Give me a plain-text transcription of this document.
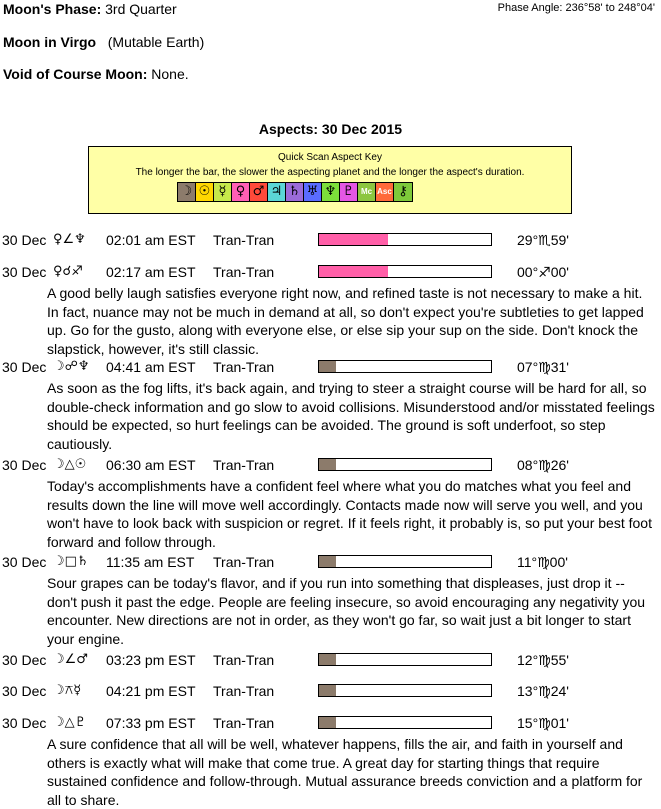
Moon's Phase: 3rd Quarter	Phase Angle: 236°58' to 248°04'
Moon in Virgo (Mutable Earth)
Void of Course Moon: None.
Aspects: 30 Dec 2015
Quick Scan Aspect Key
The longer the bar, the slower the aspecting planet and the longer the aspect's duration.
☽ ☉ ☿ ♀ ♂ ♃ ♄ ♅ ♆ ♇ Mc Asc ⚷
30 Dec ♀∠♆ 02:01 am EST Tran-Tran	29°♏59'
30 Dec ♀☌♐ 02:17 am EST Tran-Tran	00°♐00'

A good belly laugh satisfies everyone right now, and refined taste is not necessary to make a hit. In fact, nuance may not be much in demand at all, so don't expect you're subtleties to get lapped up. Go for the gusto, along with everyone else, or else sip your sup on the side. Don't knock the slapstick, however, it's still classic.

30 Dec ☽☍♆ 04:41 am EST Tran-Tran	07°♍31'

As soon as the fog lifts, it's back again, and trying to steer a straight course will be hard for all, so double-check information and go slow to avoid collisions. Misunderstood and/or misstated feelings should be expected, so hurt feelings can be avoided. The ground is soft underfoot, so step cautiously.

30 Dec ☽△☉ 06:30 am EST Tran-Tran	08°♍26'

Today's accomplishments have a confident feel where what you do matches what you feel and results down the line will move well accordingly. Contacts made now will serve you well, and you won't have to look back with suspicion or regret. If it feels right, it probably is, so put your best foot forward and follow through.

30 Dec ☽□♄ 11:35 am EST Tran-Tran	11°♍00'

Sour grapes can be today's flavor, and if you run into something that displeases, just drop it -- don't push it past the edge. People are feeling insecure, so avoid encouraging any negativity you encounter. New directions are not in order, as they won't go far, so wait just a bit longer to start your engine.

30 Dec ☽∠♂ 03:23 pm EST Tran-Tran	12°♍55'
30 Dec ☽⚻☿ 04:21 pm EST Tran-Tran	13°♍24'
30 Dec ☽△♇ 07:33 pm EST Tran-Tran	15°♍01'

A sure confidence that all will be well, whatever happens, fills the air, and faith in yourself and others is exactly what will make that come true. A great day for starting things that require sustained confidence and follow-through. Mutual assurance breeds conviction and a platform for all to share.
